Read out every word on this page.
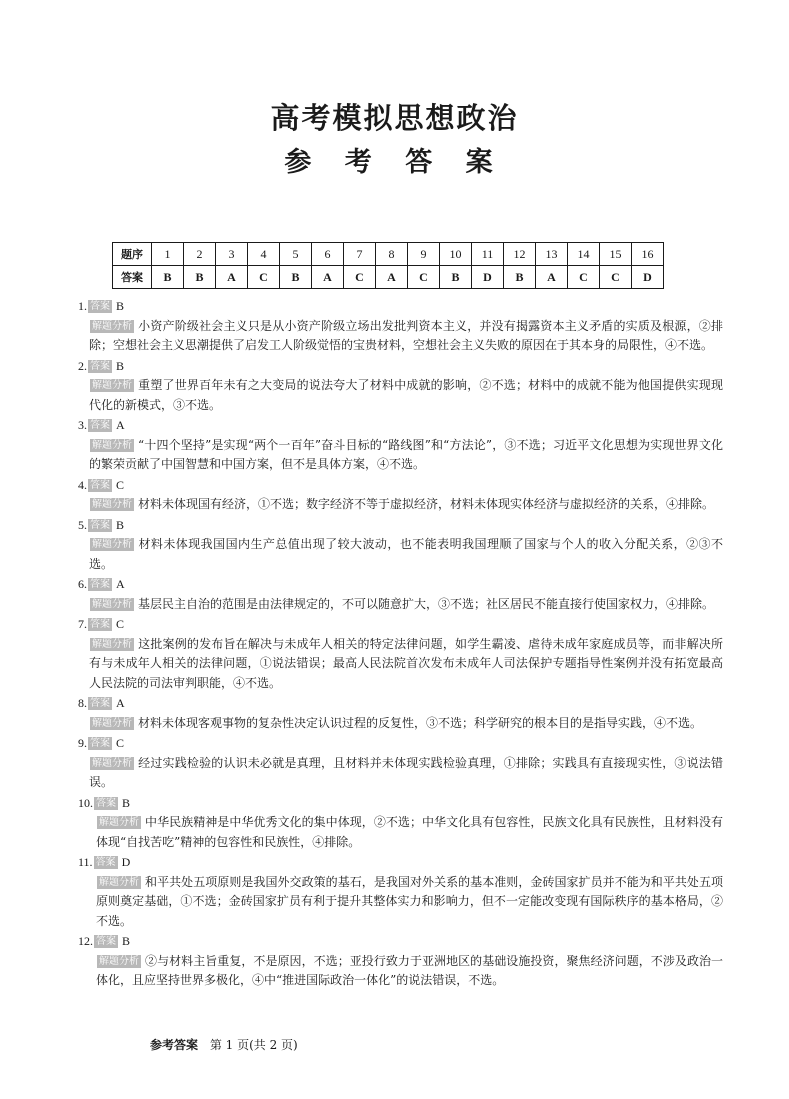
高考模拟思想政治
参 考 答 案
题序	1	2	3	4	5	6	7	8	9	10	11	12	13	14	15	16
答案	B	B	A	C	B	A	C	A	C	B	D	B	A	C	C	D
1. 答案 B
解题分析 小资产阶级社会主义只是从小资产阶级立场出发批判资本主义，并没有揭露资本主义矛盾的实质及根源，②排除；空想社会主义思潮提供了启发工人阶级觉悟的宝贵材料，空想社会主义失败的原因在于其本身的局限性，④不选。
2. 答案 B
解题分析 重塑了世界百年未有之大变局的说法夸大了材料中成就的影响，②不选；材料中的成就不能为他国提供实现现代化的新模式，③不选。
3. 答案 A
解题分析 “十四个坚持”是实现“两个一百年”奋斗目标的“路线图”和“方法论”，③不选；习近平文化思想为实现世界文化的繁荣贡献了中国智慧和中国方案，但不是具体方案，④不选。
4. 答案 C
解题分析 材料未体现国有经济，①不选；数字经济不等于虚拟经济，材料未体现实体经济与虚拟经济的关系，④排除。
5. 答案 B
解题分析 材料未体现我国国内生产总值出现了较大波动，也不能表明我国理顺了国家与个人的收入分配关系，②③不选。
6. 答案 A
解题分析 基层民主自治的范围是由法律规定的，不可以随意扩大，③不选；社区居民不能直接行使国家权力，④排除。
7. 答案 C
解题分析 这批案例的发布旨在解决与未成年人相关的特定法律问题，如学生霸凌、虐待未成年家庭成员等，而非解决所有与未成年人相关的法律问题，①说法错误；最高人民法院首次发布未成年人司法保护专题指导性案例并没有拓宽最高人民法院的司法审判职能，④不选。
8. 答案 A
解题分析 材料未体现客观事物的复杂性决定认识过程的反复性，③不选；科学研究的根本目的是指导实践，④不选。
9. 答案 C
解题分析 经过实践检验的认识未必就是真理，且材料并未体现实践检验真理，①排除；实践具有直接现实性，③说法错误。
10. 答案 B
解题分析 中华民族精神是中华优秀文化的集中体现，②不选；中华文化具有包容性，民族文化具有民族性，且材料没有体现“自找苦吃”精神的包容性和民族性，④排除。
11. 答案 D
解题分析 和平共处五项原则是我国外交政策的基石，是我国对外关系的基本准则，金砖国家扩员并不能为和平共处五项原则奠定基础，①不选；金砖国家扩员有利于提升其整体实力和影响力，但不一定能改变现有国际秩序的基本格局，②不选。
12. 答案 B
解题分析 ②与材料主旨重复，不是原因，不选；亚投行致力于亚洲地区的基础设施投资，聚焦经济问题，不涉及政治一体化，且应坚持世界多极化，④中“推进国际政治一体化”的说法错误，不选。
参考答案 第 1 页(共 2 页)
